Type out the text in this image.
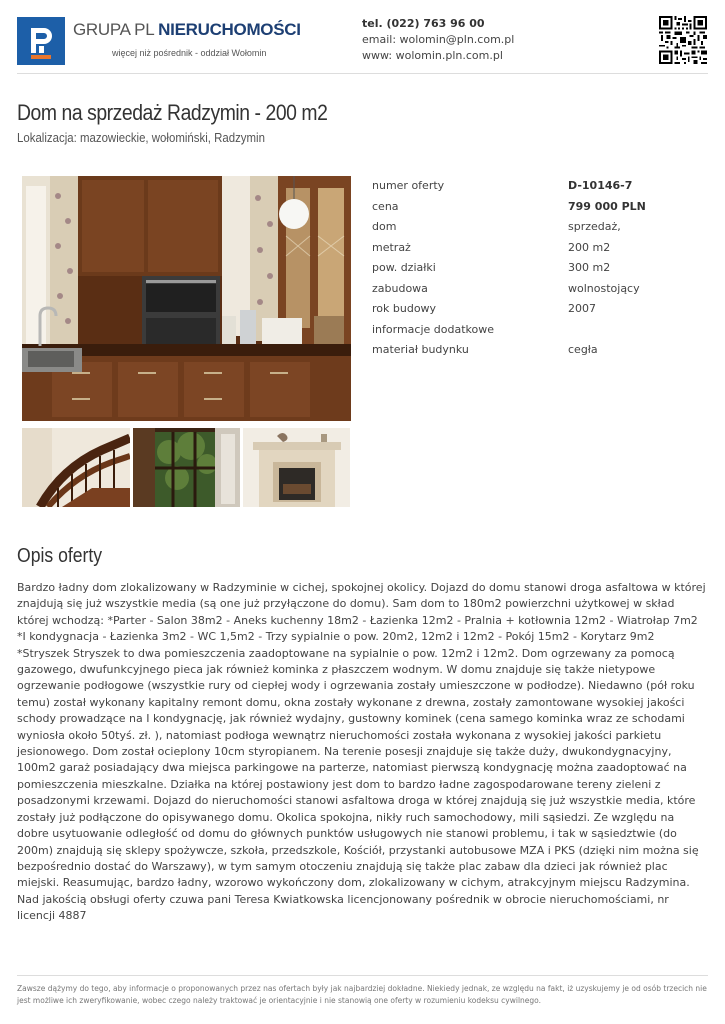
GRUPA PL NIERUCHOMOŚCI
więcej niż pośrednik - oddział Wołomin
tel. (022) 763 96 00
email: wolomin@pln.com.pl
www: wolomin.pln.com.pl
Dom na sprzedaż Radzymin - 200 m2
Lokalizacja: mazowieckie, wołomiński, Radzymin
numer oferty	D-10146-7
cena	799 000 PLN
dom	sprzedaż,
metraż	200 m2
pow. działki	300 m2
zabudowa	wolnostojący
rok budowy	2007
informacje dodatkowe
materiał budynku	cegła
Opis oferty
Bardzo ładny dom zlokalizowany w Radzyminie w cichej, spokojnej okolicy. Dojazd do domu stanowi droga asfaltowa w której znajdują się już wszystkie media (są one już przyłączone do domu). Sam dom to 180m2 powierzchni użytkowej w skład której wchodzą: *Parter - Salon 38m2 - Aneks kuchenny 18m2 - Łazienka 12m2 - Pralnia + kotłownia 12m2 - Wiatrołap 7m2 *I kondygnacja - Łazienka 3m2 - WC 1,5m2 - Trzy sypialnie o pow. 20m2, 12m2 i 12m2 - Pokój 15m2 - Korytarz 9m2 *Stryszek Stryszek to dwa pomieszczenia zaadoptowane na sypialnie o pow. 12m2 i 12m2. Dom ogrzewany za pomocą gazowego, dwufunkcyjnego pieca jak również kominka z płaszczem wodnym. W domu znajduje się także nietypowe ogrzewanie podłogowe (wszystkie rury od ciepłej wody i ogrzewania zostały umieszczone w podłodze). Niedawno (pół roku temu) został wykonany kapitalny remont domu, okna zostały wykonane z drewna, zostały zamontowane wysokiej jakości schody prowadzące na I kondygnację, jak również wydajny, gustowny kominek (cena samego kominka wraz ze schodami wyniosła około 50tyś. zł. ), natomiast podłoga wewnątrz nieruchomości została wykonana z wysokiej jakości parkietu jesionowego. Dom został ocieplony 10cm styropianem. Na terenie posesji znajduje się także duży, dwukondygnacyjny, 100m2 garaż posiadający dwa miejsca parkingowe na parterze, natomiast pierwszą kondygnację można zaadoptować na pomieszczenia mieszkalne. Działka na której postawiony jest dom to bardzo ładne zagospodarowane tereny zieleni z posadzonymi krzewami. Dojazd do nieruchomości stanowi asfaltowa droga w której znajdują się już wszystkie media, które zostały już podłączone do opisywanego domu. Okolica spokojna, nikły ruch samochodowy, mili sąsiedzi. Ze względu na dobre usytuowanie odległość od domu do głównych punktów usługowych nie stanowi problemu, i tak w sąsiedztwie (do 200m) znajdują się sklepy spożywcze, szkoła, przedszkole, Kościół, przystanki autobusowe MZA i PKS (dzięki nim można się bezpośrednio dostać do Warszawy), w tym samym otoczeniu znajdują się także plac zabaw dla dzieci jak również plac miejski. Reasumując, bardzo ładny, wzorowo wykończony dom, zlokalizowany w cichym, atrakcyjnym miejscu Radzymina. Nad jakością obsługi oferty czuwa pani Teresa Kwiatkowska licencjonowany pośrednik w obrocie nieruchomościami, nr licencji 4887
Zawsze dążymy do tego, aby informacje o proponowanych przez nas ofertach były jak najbardziej dokładne. Niekiedy jednak, ze względu na fakt, iż uzyskujemy je od osób trzecich nie jest możliwe ich zweryfikowanie, wobec czego należy traktować je orientacyjnie i nie stanowią one oferty w rozumieniu kodeksu cywilnego.
